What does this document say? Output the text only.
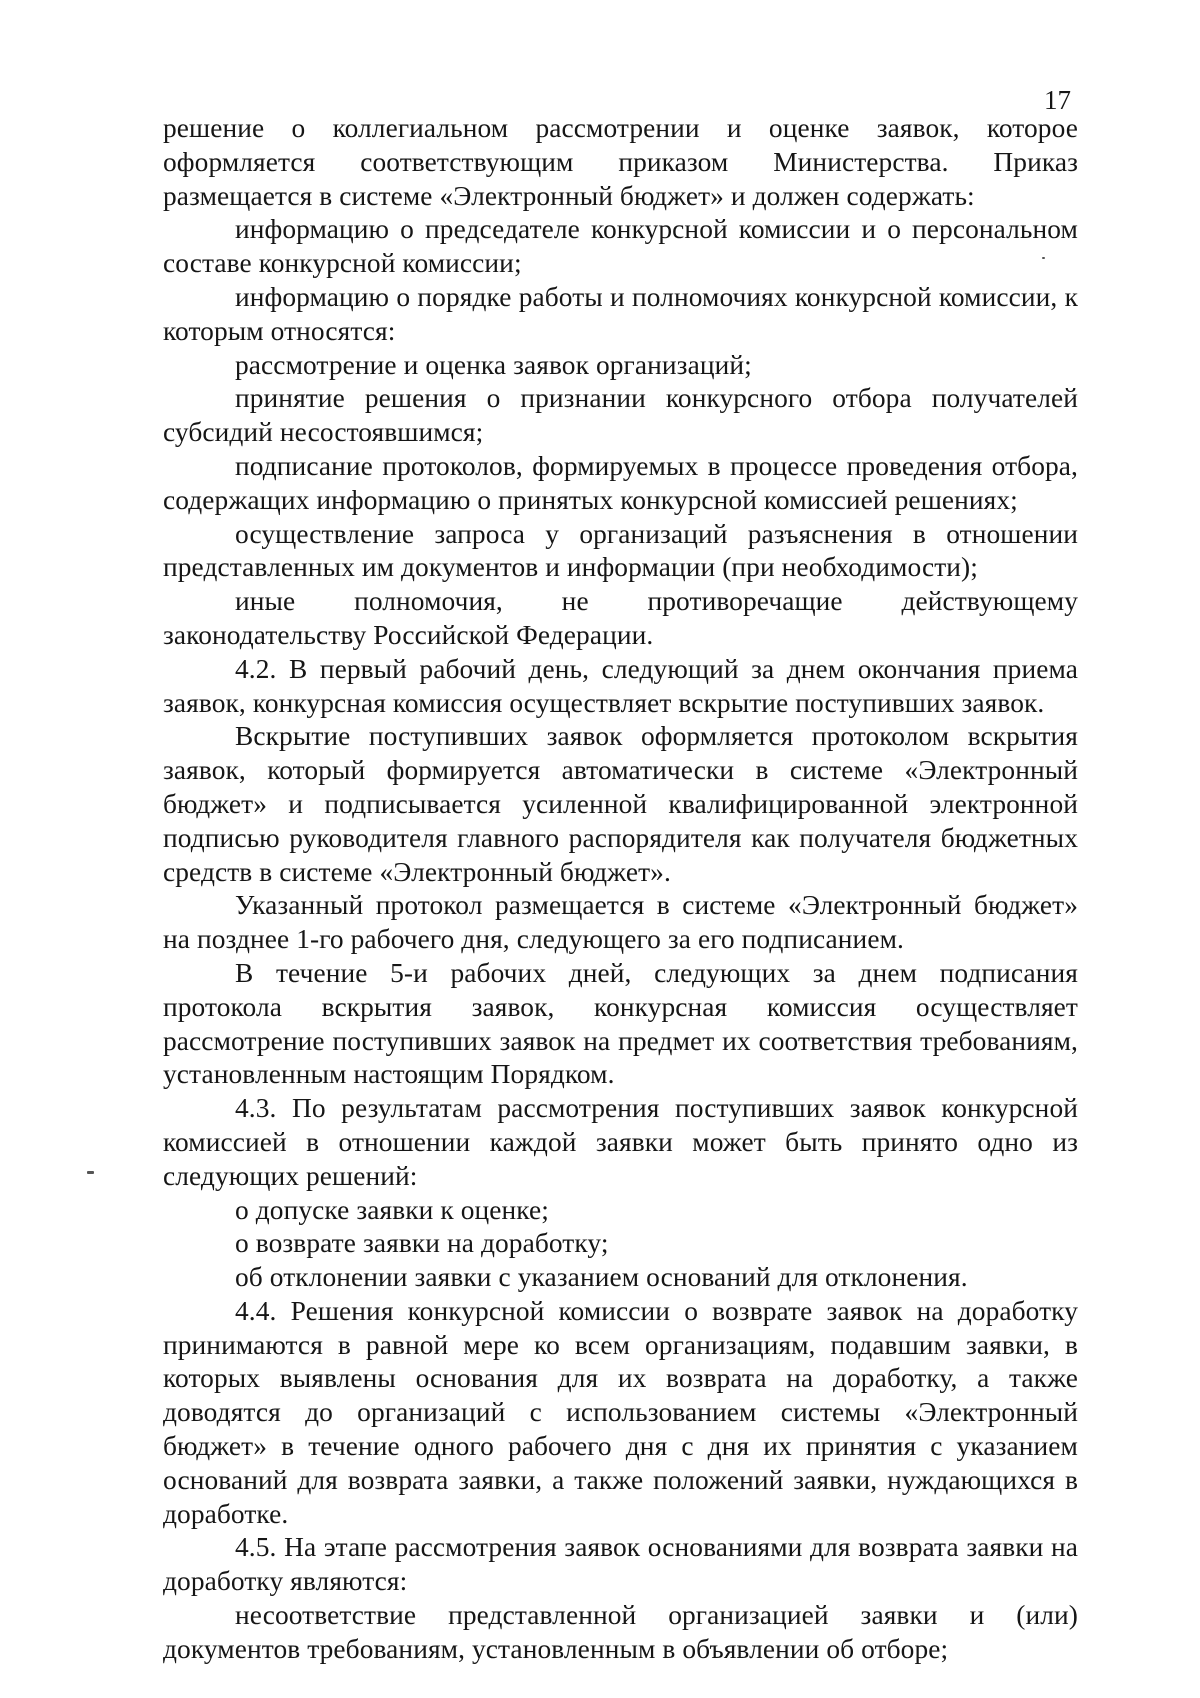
17

решение о коллегиальном рассмотрении и оценке заявок, которое оформляется соответствующим приказом Министерства. Приказ размещается в системе «Электронный бюджет» и должен содержать:

информацию о председателе конкурсной комиссии и о персональном составе конкурсной комиссии;

информацию о порядке работы и полномочиях конкурсной комиссии, к которым относятся:

рассмотрение и оценка заявок организаций;

принятие решения о признании конкурсного отбора получателей субсидий несостоявшимся;

подписание протоколов, формируемых в процессе проведения отбора, содержащих информацию о принятых конкурсной комиссией решениях;

осуществление запроса у организаций разъяснения в отношении представленных им документов и информации (при необходимости);

иные полномочия, не противоречащие действующему законодательству Российской Федерации.

4.2. В первый рабочий день, следующий за днем окончания приема заявок, конкурсная комиссия осуществляет вскрытие поступивших заявок.

Вскрытие поступивших заявок оформляется протоколом вскрытия заявок, который формируется автоматически в системе «Электронный бюджет» и подписывается усиленной квалифицированной электронной подписью руководителя главного распорядителя как получателя бюджетных средств в системе «Электронный бюджет».

Указанный протокол размещается в системе «Электронный бюджет» на позднее 1-го рабочего дня, следующего за его подписанием.

В течение 5-и рабочих дней, следующих за днем подписания протокола вскрытия заявок, конкурсная комиссия осуществляет рассмотрение поступивших заявок на предмет их соответствия требованиям, установленным настоящим Порядком.

4.3. По результатам рассмотрения поступивших заявок конкурсной комиссией в отношении каждой заявки может быть принято одно из следующих решений:

о допуске заявки к оценке;

о возврате заявки на доработку;

об отклонении заявки с указанием оснований для отклонения.

4.4. Решения конкурсной комиссии о возврате заявок на доработку принимаются в равной мере ко всем организациям, подавшим заявки, в которых выявлены основания для их возврата на доработку, а также доводятся до организаций с использованием системы «Электронный бюджет» в течение одного рабочего дня с дня их принятия с указанием оснований для возврата заявки, а также положений заявки, нуждающихся в доработке.

4.5. На этапе рассмотрения заявок основаниями для возврата заявки на доработку являются:

несоответствие представленной организацией заявки и (или) документов требованиям, установленным в объявлении об отборе;
